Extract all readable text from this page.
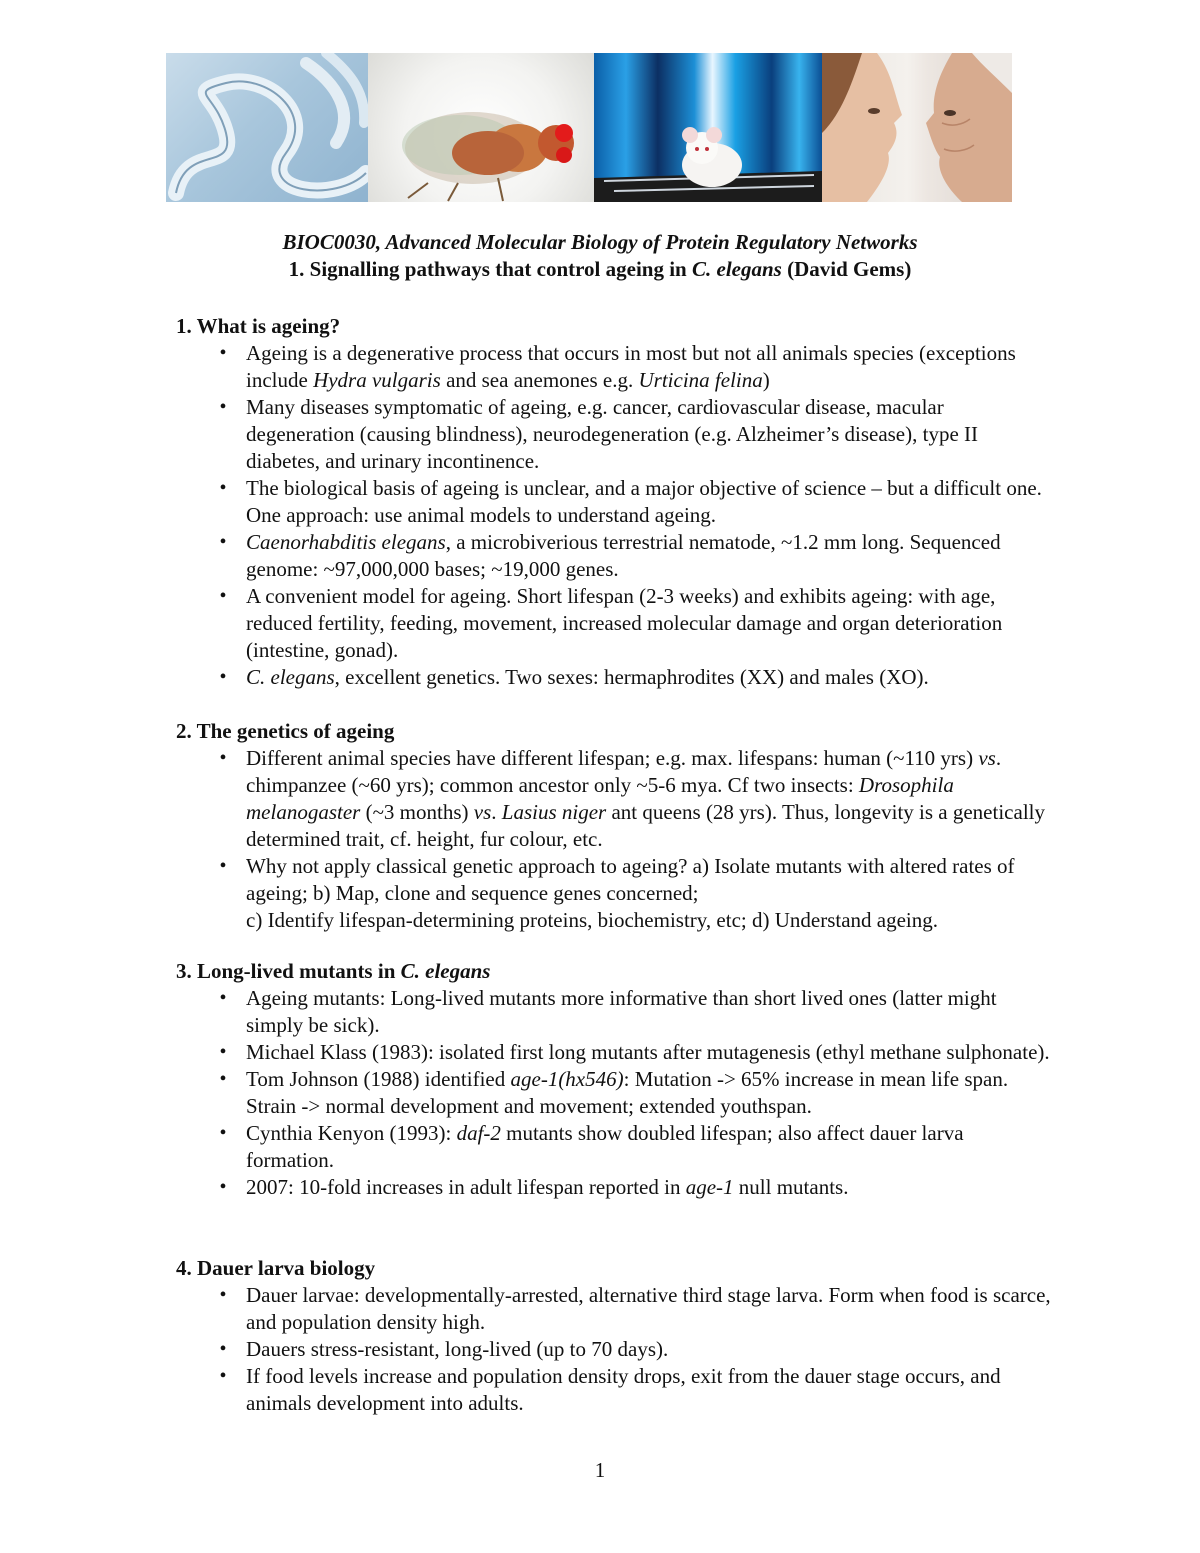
BIOC0030, Advanced Molecular Biology of Protein Regulatory Networks
1. Signalling pathways that control ageing in C. elegans (David Gems)
1. What is ageing?
• Ageing is a degenerative process that occurs in most but not all animals species (exceptions include Hydra vulgaris and sea anemones e.g. Urticina felina)
• Many diseases symptomatic of ageing, e.g. cancer, cardiovascular disease, macular degeneration (causing blindness), neurodegeneration (e.g. Alzheimer’s disease), type II diabetes, and urinary incontinence.
• The biological basis of ageing is unclear, and a major objective of science – but a difficult one. One approach: use animal models to understand ageing.
• Caenorhabditis elegans, a microbiverious terrestrial nematode, ~1.2 mm long. Sequenced genome: ~97,000,000 bases; ~19,000 genes.
• A convenient model for ageing. Short lifespan (2-3 weeks) and exhibits ageing: with age, reduced fertility, feeding, movement, increased molecular damage and organ deterioration (intestine, gonad).
• C. elegans, excellent genetics. Two sexes: hermaphrodites (XX) and males (XO).
2. The genetics of ageing
• Different animal species have different lifespan; e.g. max. lifespans: human (~110 yrs) vs. chimpanzee (~60 yrs); common ancestor only ~5-6 mya. Cf two insects: Drosophila melanogaster (~3 months) vs. Lasius niger ant queens (28 yrs). Thus, longevity is a genetically determined trait, cf. height, fur colour, etc.
• Why not apply classical genetic approach to ageing? a) Isolate mutants with altered rates of ageing; b) Map, clone and sequence genes concerned;
c) Identify lifespan-determining proteins, biochemistry, etc; d) Understand ageing.
3. Long-lived mutants in C. elegans
• Ageing mutants: Long-lived mutants more informative than short lived ones (latter might simply be sick).
• Michael Klass (1983): isolated first long mutants after mutagenesis (ethyl methane sulphonate).
• Tom Johnson (1988) identified age-1(hx546): Mutation -> 65% increase in mean life span. Strain -> normal development and movement; extended youthspan.
• Cynthia Kenyon (1993): daf-2 mutants show doubled lifespan; also affect dauer larva formation.
• 2007: 10-fold increases in adult lifespan reported in age-1 null mutants.
4. Dauer larva biology
• Dauer larvae: developmentally-arrested, alternative third stage larva. Form when food is scarce, and population density high.
• Dauers stress-resistant, long-lived (up to 70 days).
• If food levels increase and population density drops, exit from the dauer stage occurs, and animals development into adults.
1
